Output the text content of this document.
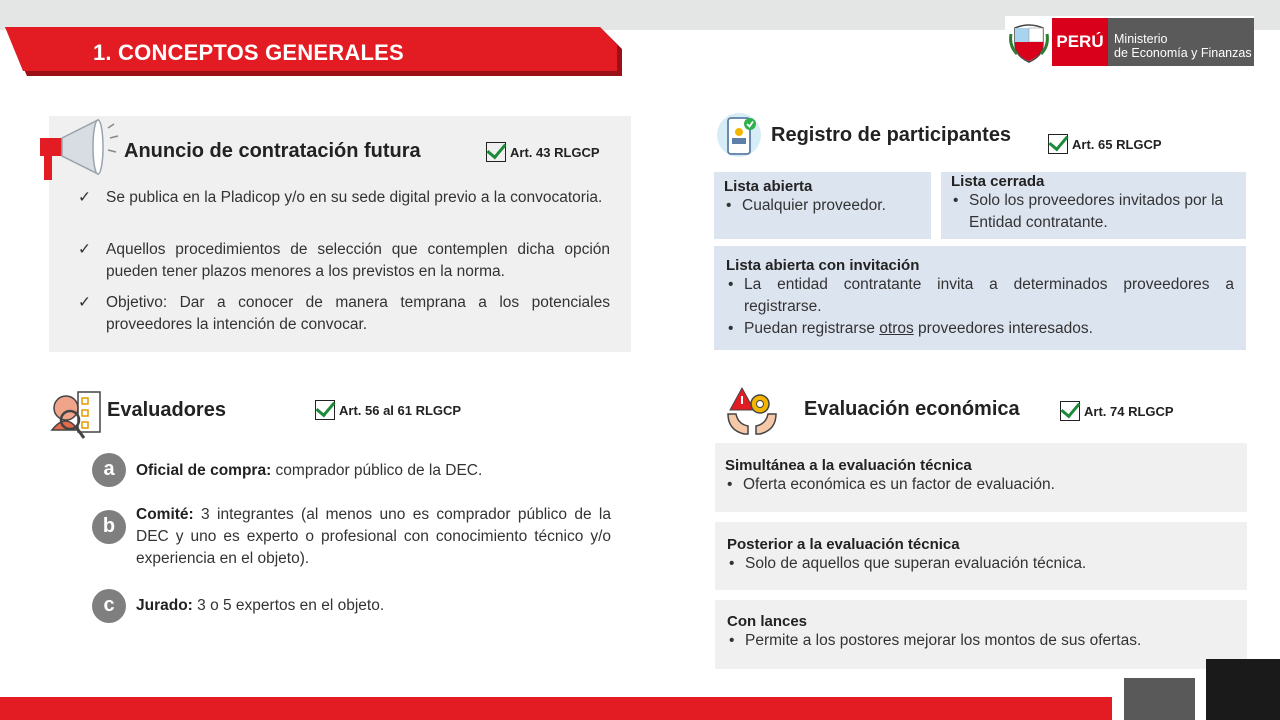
1. CONCEPTOS GENERALES	PERÚ Ministerio
de Economía y Finanzas
Anuncio de contratación futura	Art. 43 RLGCP
✓ Se publica en la Pladicop y/o en su sede digital previo a la convocatoria.
✓ Aquellos procedimientos de selección que contemplen dicha opción pueden tener plazos menores a los previstos en la norma.
✓ Objetivo: Dar a conocer de manera temprana a los potenciales proveedores la intención de convocar.
Registro de participantes	Art. 65 RLGCP
Lista abierta
• Cualquier proveedor.
Lista cerrada
• Solo los proveedores invitados por la Entidad contratante.
Lista abierta con invitación
• La entidad contratante invita a determinados proveedores a registrarse.
• Puedan registrarse otros proveedores interesados.
Evaluadores	Art. 56 al 61 RLGCP
a	Oficial de compra: comprador público de la DEC.
b
Comité: 3 integrantes (al menos uno es comprador público de la DEC y uno es experto o profesional con conocimiento técnico y/o experiencia en el objeto).
c	Jurado: 3 o 5 expertos en el objeto.
Evaluación económica	Art. 74 RLGCP
Simultánea a la evaluación técnica
• Oferta económica es un factor de evaluación.
Posterior a la evaluación técnica
• Solo de aquellos que superan evaluación técnica.
Con lances
• Permite a los postores mejorar los montos de sus ofertas.
